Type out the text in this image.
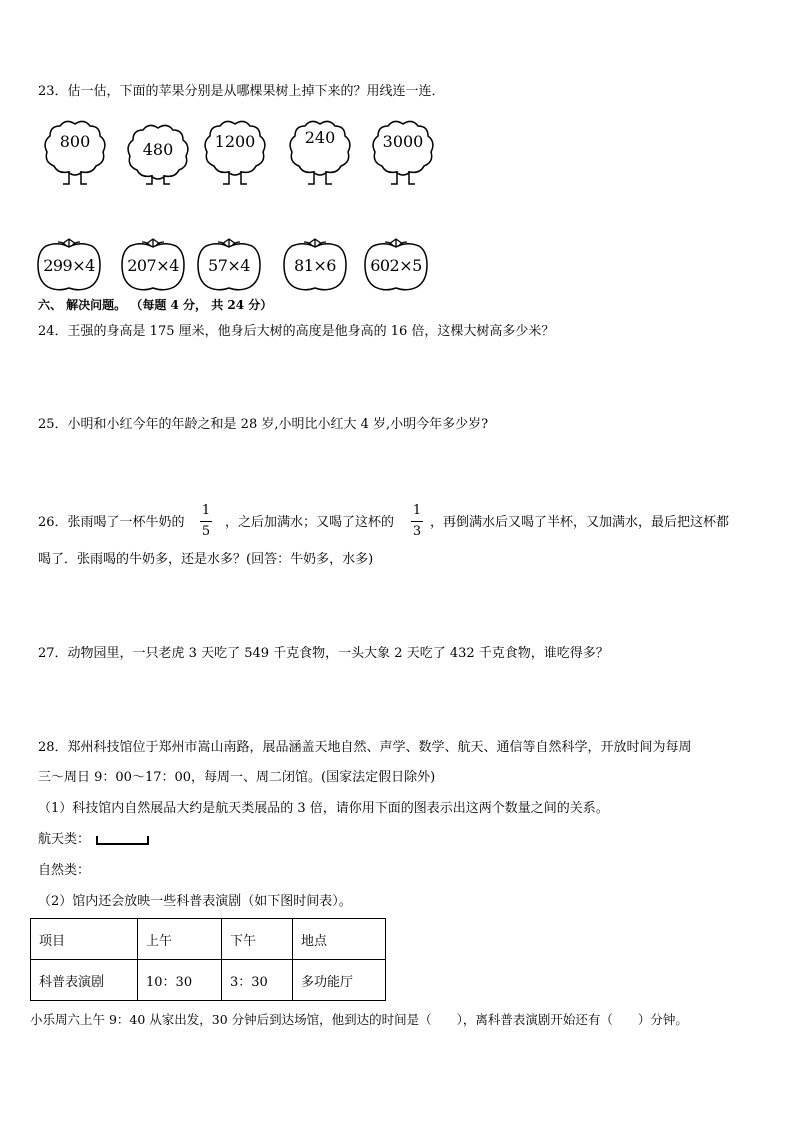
23．估一估，下面的苹果分别是从哪棵果树上掉下来的？用线连一连．
800	480	1200	240	3000
299×4	207×4	57×4	81×6	602×5
六、 解决问题。 （每题 4 分， 共 24 分）
24．王强的身高是 175 厘米，他身后大树的高度是他身高的 16 倍，这棵大树高多少米？
25．小明和小红今年的年龄之和是 28 岁,小明比小红大 4 岁,小明今年多少岁?
26．张雨喝了一杯牛奶的
1
5
，之后加满水；又喝了这杯的
1
3
，再倒满水后又喝了半杯，又加满水，最后把这杯都
喝了．张雨喝的牛奶多，还是水多？(回答：牛奶多，水多)
27．动物园里，一只老虎 3 天吃了 549 千克食物，一头大象 2 天吃了 432 千克食物，谁吃得多？
28．郑州科技馆位于郑州市嵩山南路，展品涵盖天地自然、声学、数学、航天、通信等自然科学，开放时间为每周
三～周日 9：00～17：00，每周一、周二闭馆。(国家法定假日除外)
（1）科技馆内自然展品大约是航天类展品的 3 倍，请你用下面的图表示出这两个数量之间的关系。
航天类：
自然类：
（2）馆内还会放映一些科普表演剧（如下图时间表）。
项目	上午	下午	地点
科普表演剧	10：30	3：30	多功能厅
小乐周六上午 9：40 从家出发，30 分钟后到达场馆，他到达的时间是（　　），离科普表演剧开始还有（　　）分钟。
